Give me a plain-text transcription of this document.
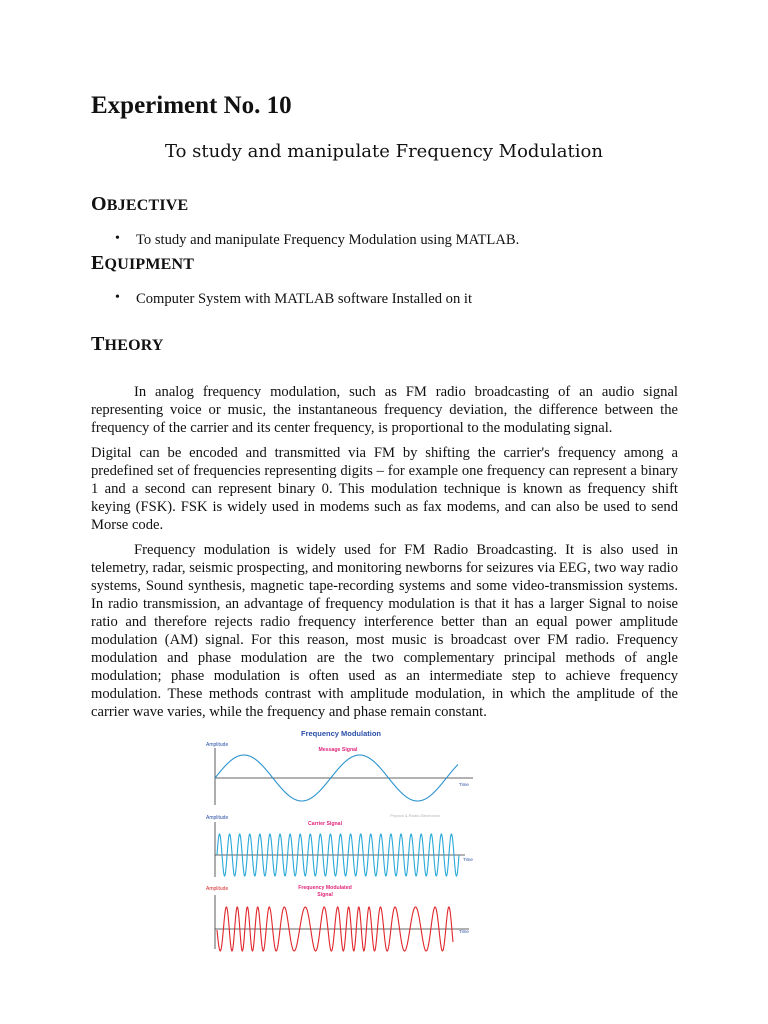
Experiment No. 10

To study and manipulate Frequency Modulation

OBJECTIVE
• To study and manipulate Frequency Modulation using MATLAB.
EQUIPMENT
• Computer System with MATLAB software Installed on it
THEORY

In analog frequency modulation, such as FM radio broadcasting of an audio signal representing voice or music, the instantaneous frequency deviation, the difference between the frequency of the carrier and its center frequency, is proportional to the modulating signal.

Digital can be encoded and transmitted via FM by shifting the carrier's frequency among a predefined set of frequencies representing digits – for example one frequency can represent a binary 1 and a second can represent binary 0. This modulation technique is known as frequency shift keying (FSK). FSK is widely used in modems such as fax modems, and can also be used to send Morse code.

Frequency modulation is widely used for FM Radio Broadcasting. It is also used in telemetry, radar, seismic prospecting, and monitoring newborns for seizures via EEG, two way radio systems, Sound synthesis, magnetic tape-recording systems and some video-transmission systems. In radio transmission, an advantage of frequency modulation is that it has a larger Signal to noise ratio and therefore rejects radio frequency interference better than an equal power amplitude modulation (AM) signal. For this reason, most music is broadcast over FM radio. Frequency modulation and phase modulation are the two complementary principal methods of angle modulation; phase modulation is often used as an intermediate step to achieve frequency modulation. These methods contrast with amplitude modulation, in which the amplitude of the carrier wave varies, while the frequency and phase remain constant.

Frequency Modulation
Amplitude
Message Signal
Time
Amplitude
Carrier Signal
Physics & Radio-Electronics
Time
Amplitude	Frequency Modulated
Signal
Time
